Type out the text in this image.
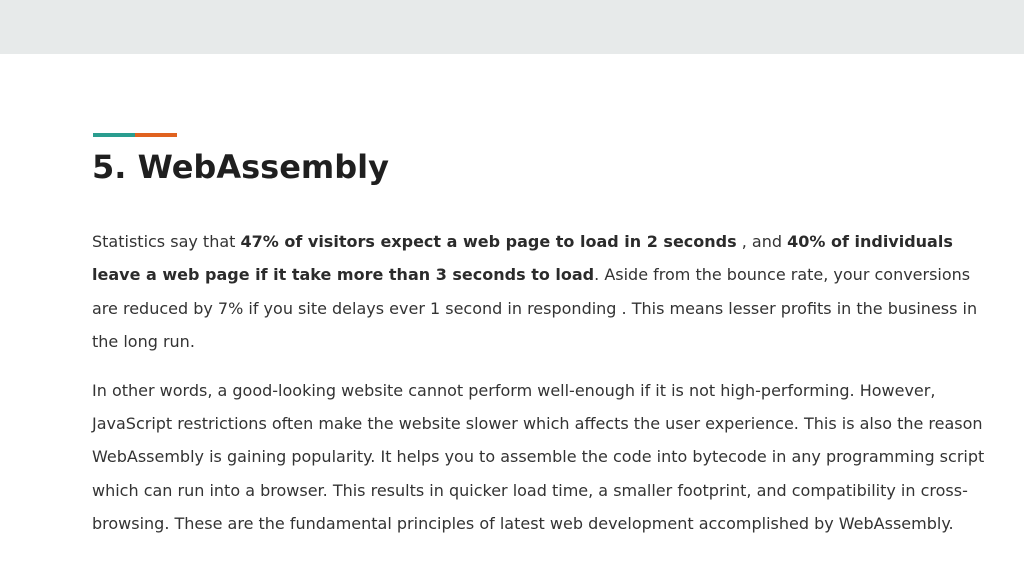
5. WebAssembly

Statistics say that 47% of visitors expect a web page to load in 2 seconds , and 40% of individuals leave a web page if it take more than 3 seconds to load. Aside from the bounce rate, your conversions are reduced by 7% if you site delays ever 1 second in responding . This means lesser profits in the business in the long run.

In other words, a good-looking website cannot perform well-enough if it is not high-performing. However, JavaScript restrictions often make the website slower which affects the user experience. This is also the reason WebAssembly is gaining popularity. It helps you to assemble the code into bytecode in any programming script which can run into a browser. This results in quicker load time, a smaller footprint, and compatibility in cross-browsing. These are the fundamental principles of latest web development accomplished by WebAssembly.
